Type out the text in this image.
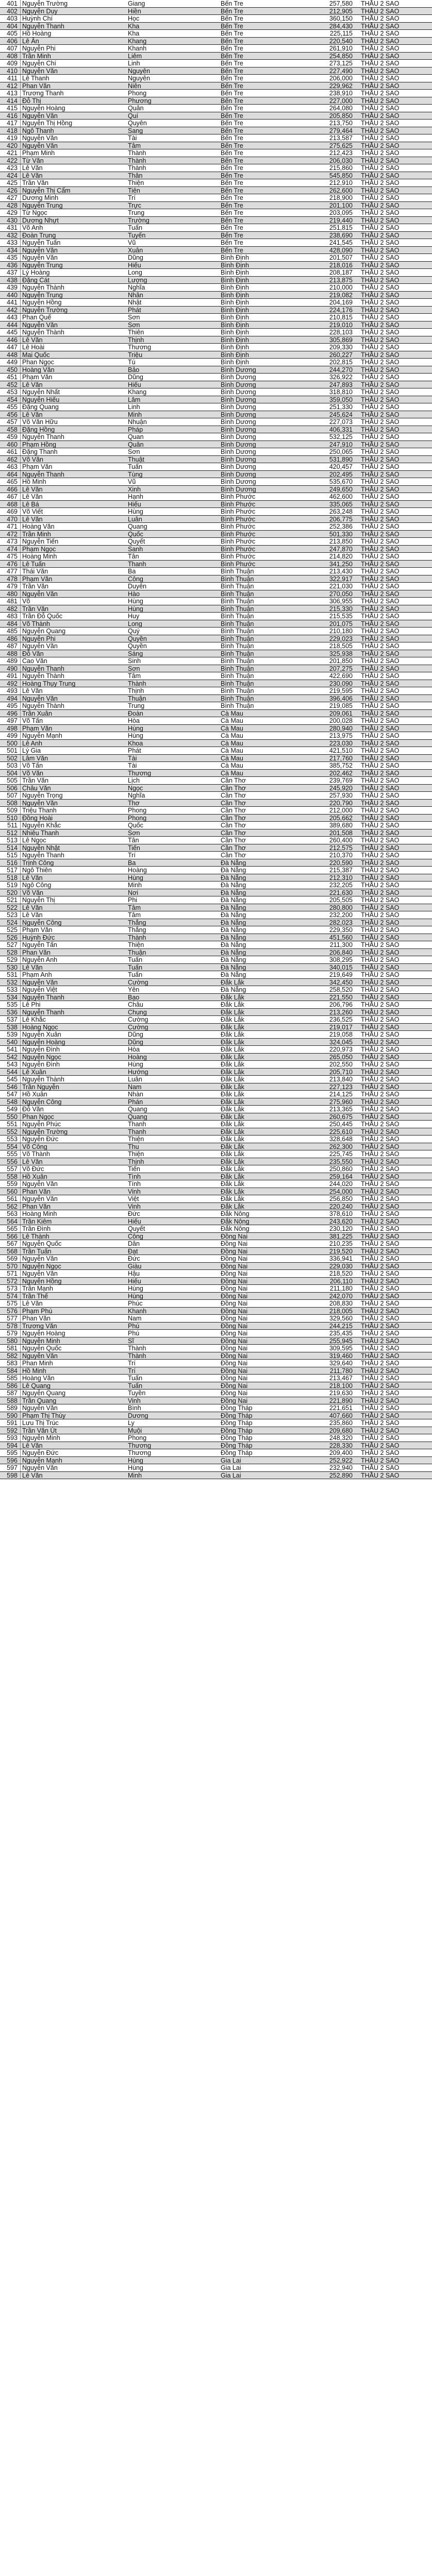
401 Nguyễn Trường	Giang	Bến Tre	257,580	THẦU 2 SAO
402 Nguyễn Duy	Hiền	Bến Tre	212,905	THẦU 2 SAO
403 Huỳnh Chí	Học	Bến Tre	360,150	THẦU 2 SAO
404 Nguyễn Thanh	Kha	Bến Tre	284,430	THẦU 2 SAO
405 Hồ Hoàng	Kha	Bến Tre	225,115	THẦU 2 SAO
406 Lê Ân	Khang	Bến Tre	220,540	THẦU 2 SAO
407 Nguyễn Phi	Khanh	Bến Tre	261,910	THẦU 2 SAO
408 Trần Minh	Liêm	Bến Tre	254,850	THẦU 2 SAO
409 Nguyễn Chí	Linh	Bến Tre	273,125	THẦU 2 SAO
410 Nguyễn Văn	Nguyên	Bến Tre	227,490	THẦU 2 SAO
411 Lê Thanh	Nguyên	Bến Tre	206,000	THẦU 2 SAO
412 Phan Văn	Niên	Bến Tre	229,962	THẦU 2 SAO
413 Trương Thanh	Phong	Bến Tre	238,910	THẦU 2 SAO
414 Đỗ Thị	Phương	Bến Tre	227,000	THẦU 2 SAO
415 Nguyễn Hoàng	Quân	Bến Tre	264,080	THẦU 2 SAO
416 Nguyễn Văn	Quí	Bến Tre	205,850	THẦU 2 SAO
417 Nguyễn Thị Hồng	Quyên	Bến Tre	213,750	THẦU 2 SAO
418 Ngô Thanh	Sang	Bến Tre	279,464	THẦU 2 SAO
419 Nguyễn Văn	Tài	Bến Tre	213,587	THẦU 2 SAO
420 Nguyễn Văn	Tâm	Bến Tre	275,625	THẦU 2 SAO
421 Phạm Minh	Thành	Bến Tre	212,423	THẦU 2 SAO
422 Từ Văn	Thành	Bến Tre	206,030	THẦU 2 SAO
423 Lê Văn	Thành	Bến Tre	215,860	THẦU 2 SAO
424 Lê Văn	Thân	Bến Tre	545,850	THẦU 2 SAO
425 Trần Văn	Thiện	Bến Tre	212,910	THẦU 2 SAO
426 Nguyễn Thị Cẩm	Tiên	Bến Tre	262,600	THẦU 2 SAO
427 Dương Minh	Trí	Bến Tre	218,900	THẦU 2 SAO
428 Nguyễn Trung	Trực	Bến Tre	201,100	THẦU 2 SAO
429 Từ Ngọc	Trung	Bến Tre	203,095	THẦU 2 SAO
430 Dương Nhựt	Trường	Bến Tre	219,440	THẦU 2 SAO
431 Võ Anh	Tuấn	Bến Tre	251,815	THẦU 2 SAO
432 Đoàn Trung	Tuyến	Bến Tre	238,690	THẦU 2 SAO
433 Nguyễn Tuấn	Vũ	Bến Tre	241,545	THẦU 2 SAO
434 Nguyễn Văn	Xuân	Bến Tre	428,090	THẦU 2 SAO
435 Nguyễn Văn	Dũng	Bình Định	201,507	THẦU 2 SAO
436 Nguyễn Trung	Hiếu	Bình Định	218,016	THẦU 2 SAO
437 Lý Hoàng	Long	Bình Định	208,187	THẦU 2 SAO
438 Đặng Cát	Lượng	Bình Định	213,875	THẦU 2 SAO
439 Nguyễn Thành	Nghĩa	Bình Định	210,000	THẦU 2 SAO
440 Nguyễn Trung	Nhân	Bình Định	219,082	THẦU 2 SAO
441 Nguyễn Hồng	Nhật	Bình Định	204,169	THẦU 2 SAO
442 Nguyễn Trường	Phát	Bình Định	224,176	THẦU 2 SAO
443 Phan Quế	Sơn	Bình Định	210,815	THẦU 2 SAO
444 Nguyễn Văn	Sơn	Bình Định	219,010	THẦU 2 SAO
445 Nguyễn Thành	Thiên	Bình Định	228,103	THẦU 2 SAO
446 Lê Văn	Thịnh	Bình Định	305,869	THẦU 2 SAO
447 Lê Hoài	Thương	Bình Định	209,330	THẦU 2 SAO
448 Mai Quốc	Triệu	Bình Định	260,227	THẦU 2 SAO
449 Phan Ngọc	Tú	Bình Định	202,815	THẦU 2 SAO
450 Hoàng Văn	Bảo	Bình Dương	244,270	THẦU 2 SAO
451 Phạm Văn	Dũng	Bình Dương	326,922	THẦU 2 SAO
452 Lê Văn	Hiếu	Bình Dương	247,893	THẦU 2 SAO
453 Nguyễn Nhất	Khang	Bình Dương	318,810	THẦU 2 SAO
454 Nguyễn Hiếu	Lâm	Bình Dương	359,050	THẦU 2 SAO
455 Đặng Quang	Linh	Bình Dương	251,330	THẦU 2 SAO
456 Lê Văn	Minh	Bình Dương	245,624	THẦU 2 SAO
457 Võ Văn Hữu	Nhuận	Bình Dương	227,073	THẦU 2 SAO
458 Đặng Hồng	Pháp	Bình Dương	406,331	THẦU 2 SAO
459 Nguyễn Thanh	Quan	Bình Dương	532,125	THẦU 2 SAO
460 Phạm Hồng	Quân	Bình Dương	247,910	THẦU 2 SAO
461 Đặng Thanh	Sơn	Bình Dương	250,065	THẦU 2 SAO
462 Võ Văn	Thuật	Bình Dương	531,890	THẦU 2 SAO
463 Phạm Văn	Tuấn	Bình Dương	420,457	THẦU 2 SAO
464 Nguyễn Thanh	Tùng	Bình Dương	202,495	THẦU 2 SAO
465 Hồ Minh	Vũ	Bình Dương	535,670	THẦU 2 SAO
466 Lê Văn	Xinh	Bình Dương	249,650	THẦU 2 SAO
467 Lê Văn	Hạnh	Bình Phước	462,600	THẦU 2 SAO
468 Lê Bá	Hiếu	Bình Phước	335,065	THẦU 2 SAO
469 Võ Viết	Hùng	Bình Phước	263,248	THẦU 2 SAO
470 Lê Văn	Luân	Bình Phước	206,775	THẦU 2 SAO
471 Hoàng Văn	Quang	Bình Phước	252,386	THẦU 2 SAO
472 Trần Minh	Quốc	Bình Phước	501,330	THẦU 2 SAO
473 Nguyễn Tiến	Quyết	Bình Phước	213,850	THẦU 2 SAO
474 Phạm Ngọc	Sanh	Bình Phước	247,870	THẦU 2 SAO
475 Hoàng Minh	Tân	Bình Phước	214,820	THẦU 2 SAO
476 Lê Tuấn	Thanh	Bình Phước	341,250	THẦU 2 SAO
477 Thái Văn	Ba	Bình Thuận	213,430	THẦU 2 SAO
478 Phạm Văn	Công	Bình Thuận	322,917	THẦU 2 SAO
479 Trần Văn	Duyên	Bình Thuận	221,030	THẦU 2 SAO
480 Nguyễn Văn	Hào	Bình Thuận	270,050	THẦU 2 SAO
481 Võ	Hùng	Bình Thuận	306,955	THẦU 2 SAO
482 Trần Văn	Hùng	Bình Thuận	215,330	THẦU 2 SAO
483 Trần Đỗ Quốc	Huy	Bình Thuận	215,535	THẦU 2 SAO
484 Võ Thành	Long	Bình Thuận	201,075	THẦU 2 SAO
485 Nguyễn Quang	Quý	Bình Thuận	210,180	THẦU 2 SAO
486 Nguyễn Phi	Quyền	Bình Thuận	229,023	THẦU 2 SAO
487 Nguyễn Văn	Quyền	Bình Thuận	218,505	THẦU 2 SAO
488 Đỗ Văn	Sáng	Bình Thuận	325,938	THẦU 2 SAO
489 Cao Văn	Sinh	Bình Thuận	201,850	THẦU 2 SAO
490 Nguyễn Thanh	Sơn	Bình Thuận	207,275	THẦU 2 SAO
491 Nguyễn Thành	Tâm	Bình Thuận	422,690	THẦU 2 SAO
492 Hoàng Thụy Trung	Thành	Bình Thuận	230,090	THẦU 2 SAO
493 Lê Văn	Thịnh	Bình Thuận	219,595	THẦU 2 SAO
494 Nguyễn Văn	Thuận	Bình Thuận	396,406	THẦU 2 SAO
495 Nguyễn Thành	Trung	Bình Thuận	219,085	THẦU 2 SAO
496 Trần Xuân	Đoàn	Cà Mau	209,061	THẦU 2 SAO
497 Võ Tấn	Hòa	Cà Mau	200,028	THẦU 2 SAO
498 Phạm Văn	Hùng	Cà Mau	280,940	THẦU 2 SAO
499 Nguyễn Mạnh	Hùng	Cà Mau	213,975	THẦU 2 SAO
500 Lê Anh	Khoa	Cà Mau	223,030	THẦU 2 SAO
501 Lý Gia	Phát	Cà Mau	421,510	THẦU 2 SAO
502 Lâm Văn	Tài	Cà Mau	217,760	THẦU 2 SAO
503 Võ Tấn	Tài	Cà Mau	385,752	THẦU 2 SAO
504 Võ Văn	Thương	Cà Mau	202,462	THẦU 2 SAO
505 Trần Văn	Lịch	Cần Thơ	239,769	THẦU 2 SAO
506 Châu Văn	Ngọc	Cần Thơ	245,920	THẦU 2 SAO
507 Nguyễn Trọng	Nghĩa	Cần Thơ	257,930	THẦU 2 SAO
508 Nguyễn Văn	Thơ	Cần Thơ	220,790	THẦU 2 SAO
509 Triệu Thanh	Phong	Cần Thơ	212,000	THẦU 2 SAO
510 Đồng Hoài	Phong	Cần Thơ	205,662	THẦU 2 SAO
511 Nguyễn Khắc	Quốc	Cần Thơ	389,680	THẦU 2 SAO
512 Nhiêu Thanh	Sơn	Cần Thơ	201,508	THẦU 2 SAO
513 Lê Ngọc	Tân	Cần Thơ	260,400	THẦU 2 SAO
514 Nguyễn Nhật	Tiến	Cần Thơ	212,575	THẦU 2 SAO
515 Nguyễn Thanh	Trí	Cần Thơ	210,370	THẦU 2 SAO
516 Trịnh Công	Ba	Đà Nẵng	220,590	THẦU 2 SAO
517 Ngô Thiên	Hoàng	Đà Nẵng	215,387	THẦU 2 SAO
518 Lê Văn	Hùng	Đà Nẵng	212,310	THẦU 2 SAO
519 Ngô Công	Minh	Đà Nẵng	232,205	THẦU 2 SAO
520 Võ Văn	Nơi	Đà Nẵng	221,630	THẦU 2 SAO
521 Nguyễn Thị	Phi	Đà Nẵng	205,505	THẦU 2 SAO
522 Lê Văn	Tâm	Đà Nẵng	280,800	THẦU 2 SAO
523 Lê Văn	Tâm	Đà Nẵng	232,200	THẦU 2 SAO
524 Nguyễn Công	Thắng	Đà Nẵng	282,023	THẦU 2 SAO
525 Phạm Văn	Thắng	Đà Nẵng	229,350	THẦU 2 SAO
526 Huỳnh Đức	Thành	Đà Nẵng	451,560	THẦU 2 SAO
527 Nguyễn Tấn	Thiện	Đà Nẵng	211,300	THẦU 2 SAO
528 Phan Văn	Thuận	Đà Nẵng	206,840	THẦU 2 SAO
529 Nguyễn Anh	Tuấn	Đà Nẵng	308,295	THẦU 2 SAO
530 Lê Văn	Tuấn	Đà Nẵng	340,015	THẦU 2 SAO
531 Phạm Anh	Tuấn	Đà Nẵng	219,649	THẦU 2 SAO
532 Nguyễn Văn	Cường	Đắk Lắk	342,450	THẦU 2 SAO
533 Nguyễn Việt	Yên	Đà Nẵng	258,520	THẦU 2 SAO
534 Nguyễn Thanh	Bạo	Đắk Lắk	221,550	THẦU 2 SAO
535 Lê Phi	Châu	Đắk Lắk	206,796	THẦU 2 SAO
536 Nguyễn Thanh	Chung	Đắk Lắk	213,260	THẦU 2 SAO
537 Lê Khắc	Cường	Đắk Lắk	236,525	THẦU 2 SAO
538 Hoàng Ngọc	Cường	Đắk Lắk	219,017	THẦU 2 SAO
539 Nguyễn Xuân	Dũng	Đắk Lắk	219,058	THẦU 2 SAO
540 Nguyễn Hoàng	Dũng	Đắk Lắk	324,045	THẦU 2 SAO
541 Nguyễn Đình	Hòa	Đắk Lắk	220,973	THẦU 2 SAO
542 Nguyễn Ngọc	Hoàng	Đắk Lắk	265,050	THẦU 2 SAO
543 Nguyễn Đình	Hùng	Đắk Lắk	202,550	THẦU 2 SAO
544 Lê Xuân	Hướng	Đắk Lắk	205,710	THẦU 2 SAO
545 Nguyễn Thành	Luân	Đắk Lắk	213,840	THẦU 2 SAO
546 Trần Nguyễn	Nam	Đắk Lắk	227,123	THẦU 2 SAO
547 Hồ Xuân	Nhàn	Đắk Lắk	214,125	THẦU 2 SAO
548 Nguyễn Công	Phán	Đắk Lắk	275,960	THẦU 2 SAO
549 Đỗ Văn	Quang	Đắk Lắk	213,365	THẦU 2 SAO
550 Phan Ngọc	Quang	Đắk Lắk	260,675	THẦU 2 SAO
551 Nguyễn Phúc	Thanh	Đắk Lắk	250,445	THẦU 2 SAO
552 Nguyễn Trường	Thanh	Đắk Lắk	225,610	THẦU 2 SAO
553 Nguyễn Đức	Thiện	Đắk Lắk	328,648	THẦU 2 SAO
554 Võ Công	Thu	Đắk Lắk	262,300	THẦU 2 SAO
555 Võ Thành	Thiện	Đắk Lắk	225,745	THẦU 2 SAO
556 Lê Văn	Thịnh	Đắk Lắk	235,550	THẦU 2 SAO
557 Võ Đức	Tiến	Đắk Lắk	250,860	THẦU 2 SAO
558 Hồ Xuân	Tình	Đắk Lắk	259,164	THẦU 2 SAO
559 Nguyễn Văn	Tính	Đắk Lắk	244,020	THẦU 2 SAO
560 Phan Văn	Vinh	Đắk Lắk	254,000	THẦU 2 SAO
561 Nguyễn Văn	Việt	Đắk Lắk	256,850	THẦU 2 SAO
562 Phan Văn	Vinh	Đắk Lắk	220,240	THẦU 2 SAO
563 Hoàng Minh	Đức	Đắk Nông	378,610	THẦU 2 SAO
564 Trần Kiêm	Hiếu	Đắk Nông	243,620	THẦU 2 SAO
565 Trần Đình	Quyết	Đắk Nông	230,120	THẦU 2 SAO
566 Lê Thành	Công	Đồng Nai	381,225	THẦU 2 SAO
567 Nguyễn Quốc	Dân	Đồng Nai	210,235	THẦU 2 SAO
568 Trần Tuấn	Đạt	Đồng Nai	219,520	THẦU 2 SAO
569 Nguyễn Văn	Đức	Đồng Nai	336,941	THẦU 2 SAO
570 Nguyễn Ngọc	Giàu	Đồng Nai	229,030	THẦU 2 SAO
571 Nguyễn Văn	Hậu	Đồng Nai	218,520	THẦU 2 SAO
572 Nguyễn Hồng	Hiếu	Đồng Nai	206,110	THẦU 2 SAO
573 Trần Mạnh	Hùng	Đồng Nai	211,180	THẦU 2 SAO
574 Trần Thế	Hùng	Đồng Nai	242,070	THẦU 2 SAO
575 Lê Văn	Phúc	Đồng Nai	208,830	THẦU 2 SAO
576 Phạm Phú	Khanh	Đồng Nai	218,005	THẦU 2 SAO
577 Phan Văn	Nam	Đồng Nai	329,560	THẦU 2 SAO
578 Trương Văn	Phú	Đồng Nai	244,215	THẦU 2 SAO
579 Nguyễn Hoàng	Phú	Đồng Nai	235,435	THẦU 2 SAO
580 Nguyễn Minh	Sĩ	Đồng Nai	255,945	THẦU 2 SAO
581 Nguyễn Quốc	Thành	Đồng Nai	309,595	THẦU 2 SAO
582 Nguyễn Văn	Thành	Đồng Nai	319,460	THẦU 2 SAO
583 Phan Minh	Trí	Đồng Nai	329,640	THẦU 2 SAO
584 Hồ Minh	Trí	Đồng Nai	211,780	THẦU 2 SAO
585 Hoàng Văn	Tuấn	Đồng Nai	213,467	THẦU 2 SAO
586 Lê Quang	Tuấn	Đồng Nai	218,100	THẦU 2 SAO
587 Nguyễn Quang	Tuyền	Đồng Nai	219,630	THẦU 2 SAO
588 Trần Quang	Vinh	Đồng Nai	221,890	THẦU 2 SAO
589 Nguyễn Văn	Bình	Đồng Tháp	221,651	THẦU 2 SAO
590 Phạm Thị Thùy	Dương	Đồng Tháp	407,660	THẦU 2 SAO
591 Lưu Thị Trúc	Ly	Đồng Tháp	235,860	THẦU 2 SAO
592 Trần Văn Út	Muội	Đồng Tháp	209,680	THẦU 2 SAO
593 Nguyễn Minh	Phong	Đồng Tháp	248,320	THẦU 2 SAO
594 Lê Văn	Thương	Đồng Tháp	228,330	THẦU 2 SAO
595 Nguyễn Đức	Thương	Đồng Tháp	209,400	THẦU 2 SAO
596 Nguyễn Mạnh	Hùng	Gia Lai	252,922	THẦU 2 SAO
597 Nguyễn Văn	Hùng	Gia Lai	232,940	THẦU 2 SAO
598 Lê Văn	Minh	Gia Lai	252,890	THẦU 2 SAO
